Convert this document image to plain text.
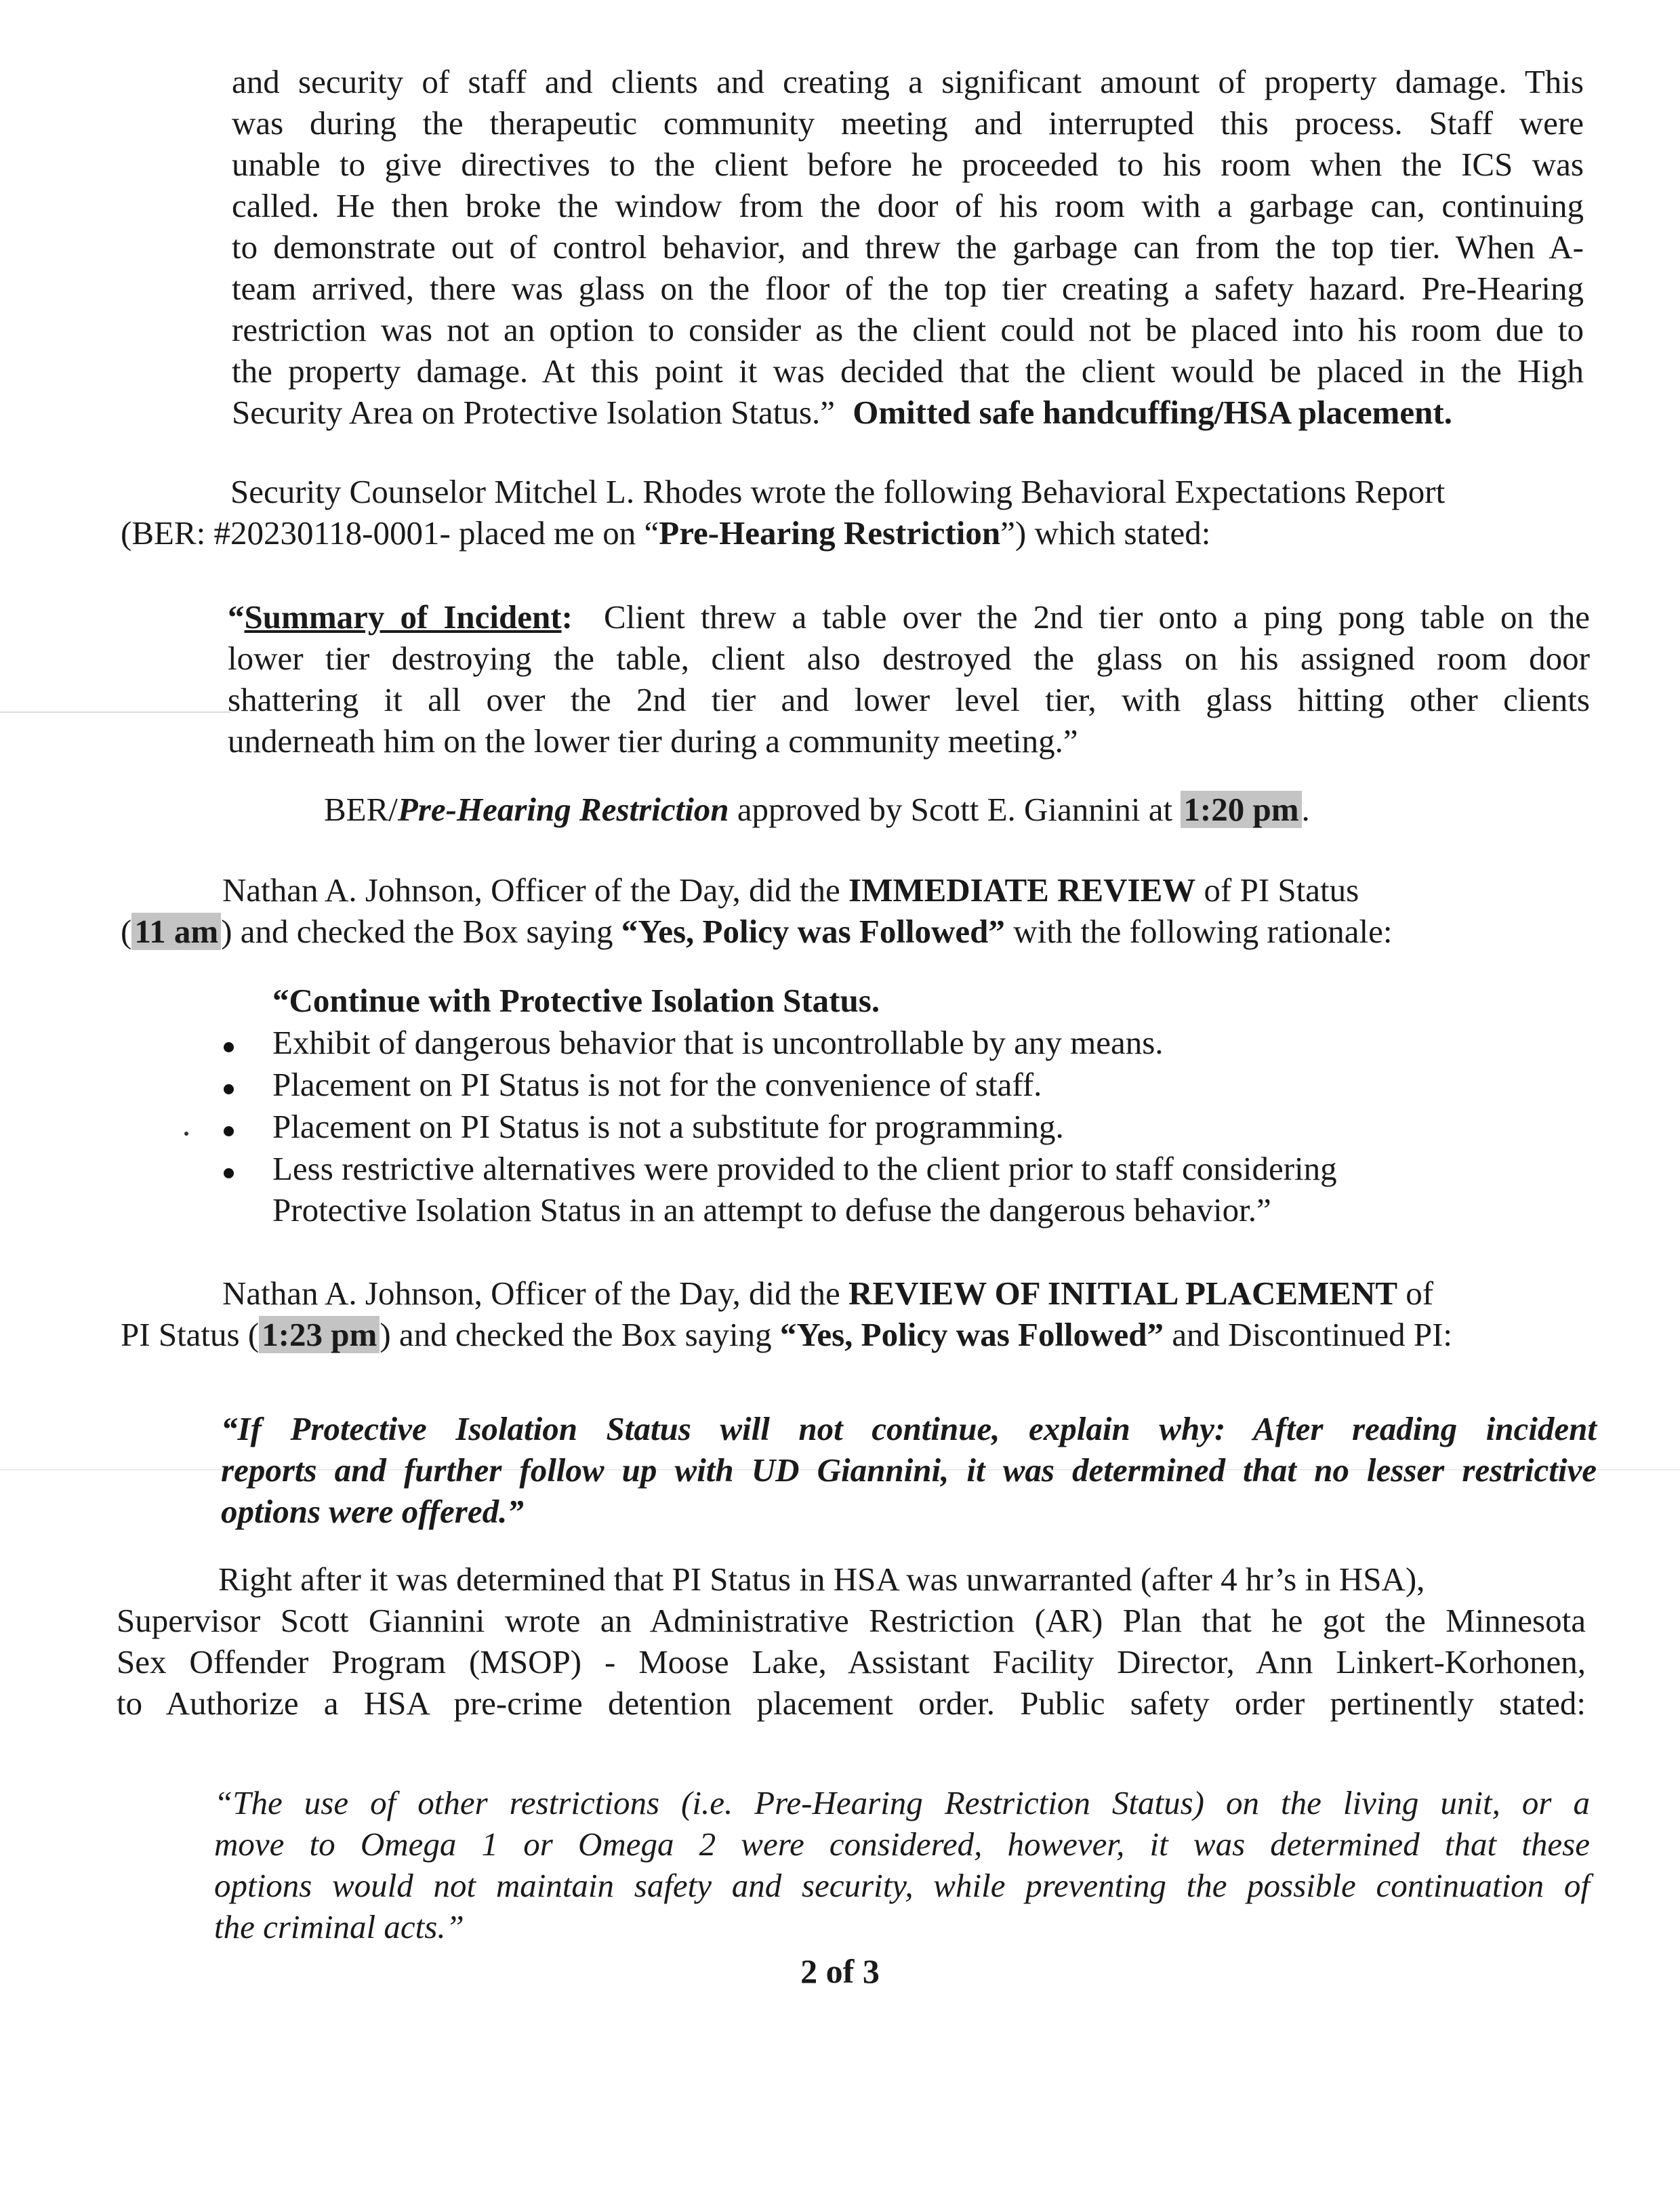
and security of staff and clients and creating a significant amount of property damage. This
was during the therapeutic community meeting and interrupted this process. Staff were
unable to give directives to the client before he proceeded to his room when the ICS was
called. He then broke the window from the door of his room with a garbage can, continuing
to demonstrate out of control behavior, and threw the garbage can from the top tier. When A-
team arrived, there was glass on the floor of the top tier creating a safety hazard. Pre-Hearing
restriction was not an option to consider as the client could not be placed into his room due to
the property damage. At this point it was decided that the client would be placed in the High
Security Area on Protective Isolation Status.” Omitted safe handcuffing/HSA placement.
Security Counselor Mitchel L. Rhodes wrote the following Behavioral Expectations Report
(BER: #20230118-0001- placed me on “Pre-Hearing Restriction”) which stated:
“Summary of Incident:  Client threw a table over the 2nd tier onto a ping pong table on the
lower tier destroying the table, client also destroyed the glass on his assigned room door
shattering it all over the 2nd tier and lower level tier, with glass hitting other clients
underneath him on the lower tier during a community meeting.”
BER/Pre-Hearing Restriction approved by Scott E. Giannini at 1:20 pm.
Nathan A. Johnson, Officer of the Day, did the IMMEDIATE REVIEW of PI Status
(11 am) and checked the Box saying “Yes, Policy was Followed” with the following rationale:
“Continue with Protective Isolation Status.
Exhibit of dangerous behavior that is uncontrollable by any means.
Placement on PI Status is not for the convenience of staff.
Placement on PI Status is not a substitute for programming.
Less restrictive alternatives were provided to the client prior to staff considering
Protective Isolation Status in an attempt to defuse the dangerous behavior.”
Nathan A. Johnson, Officer of the Day, did the REVIEW OF INITIAL PLACEMENT of
PI Status (1:23 pm) and checked the Box saying “Yes, Policy was Followed” and Discontinued PI:
“If Protective Isolation Status will not continue, explain why: After reading incident
reports and further follow up with UD Giannini, it was determined that no lesser restrictive
options were offered.”
Right after it was determined that PI Status in HSA was unwarranted (after 4 hr’s in HSA),
Supervisor Scott Giannini wrote an Administrative Restriction (AR) Plan that he got the Minnesota
Sex Offender Program (MSOP) - Moose Lake, Assistant Facility Director, Ann Linkert-Korhonen,
to Authorize a HSA pre-crime detention placement order. Public safety order pertinently stated:
“The use of other restrictions (i.e. Pre-Hearing Restriction Status) on the living unit, or a
move to Omega 1 or Omega 2 were considered, however, it was determined that these
options would not maintain safety and security, while preventing the possible continuation of
the criminal acts.”
2 of 3
